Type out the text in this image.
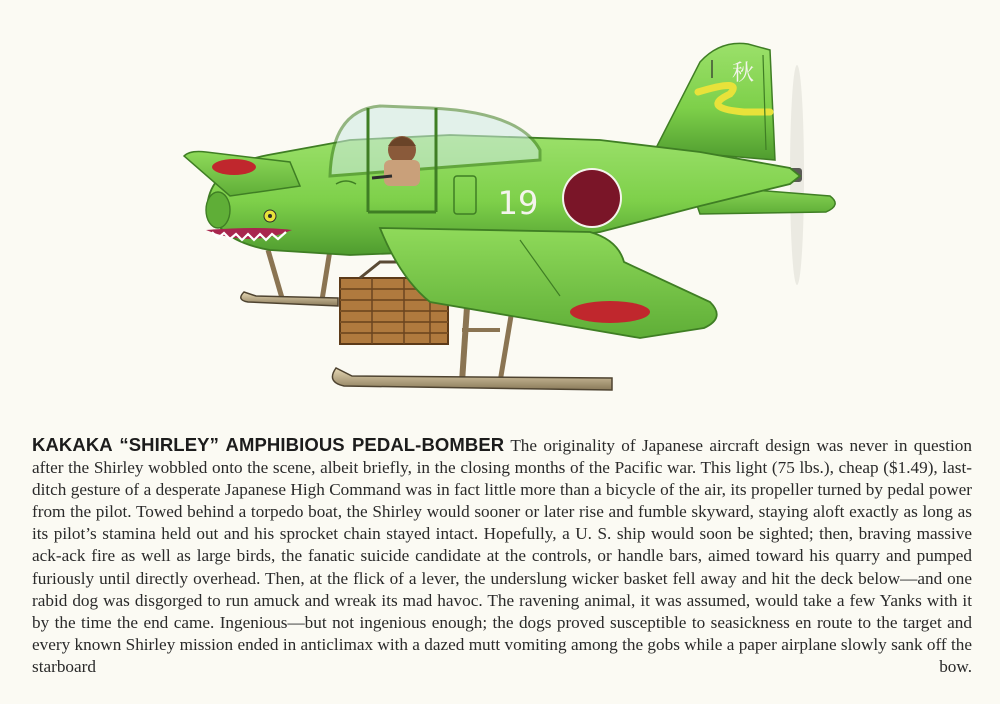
秋
19

KAKAKA “SHIRLEY” AMPHIBIOUS PEDAL-BOMBER The originality of Japanese aircraft design was never in question after the Shirley wobbled onto the scene, albeit briefly, in the closing months of the Pacific war. This light (75 lbs.), cheap ($1.49), last-ditch gesture of a desperate Japanese High Command was in fact little more than a bicycle of the air, its propeller turned by pedal power from the pilot. Towed behind a torpedo boat, the Shirley would sooner or later rise and fumble skyward, staying aloft exactly as long as its pilot’s stamina held out and his sprocket chain stayed intact. Hopefully, a U. S. ship would soon be sighted; then, braving massive ack-ack fire as well as large birds, the fanatic suicide candidate at the controls, or handle bars, aimed toward his quarry and pumped furiously until directly overhead. Then, at the flick of a lever, the underslung wicker basket fell away and hit the deck below—and one rabid dog was disgorged to run amuck and wreak its mad havoc. The ravening animal, it was assumed, would take a few Yanks with it by the time the end came. Ingenious—but not ingenious enough; the dogs proved susceptible to seasickness en route to the target and every known Shirley mission ended in anticlimax with a dazed mutt vomiting among the gobs while a paper airplane slowly sank off the starboard bow.
